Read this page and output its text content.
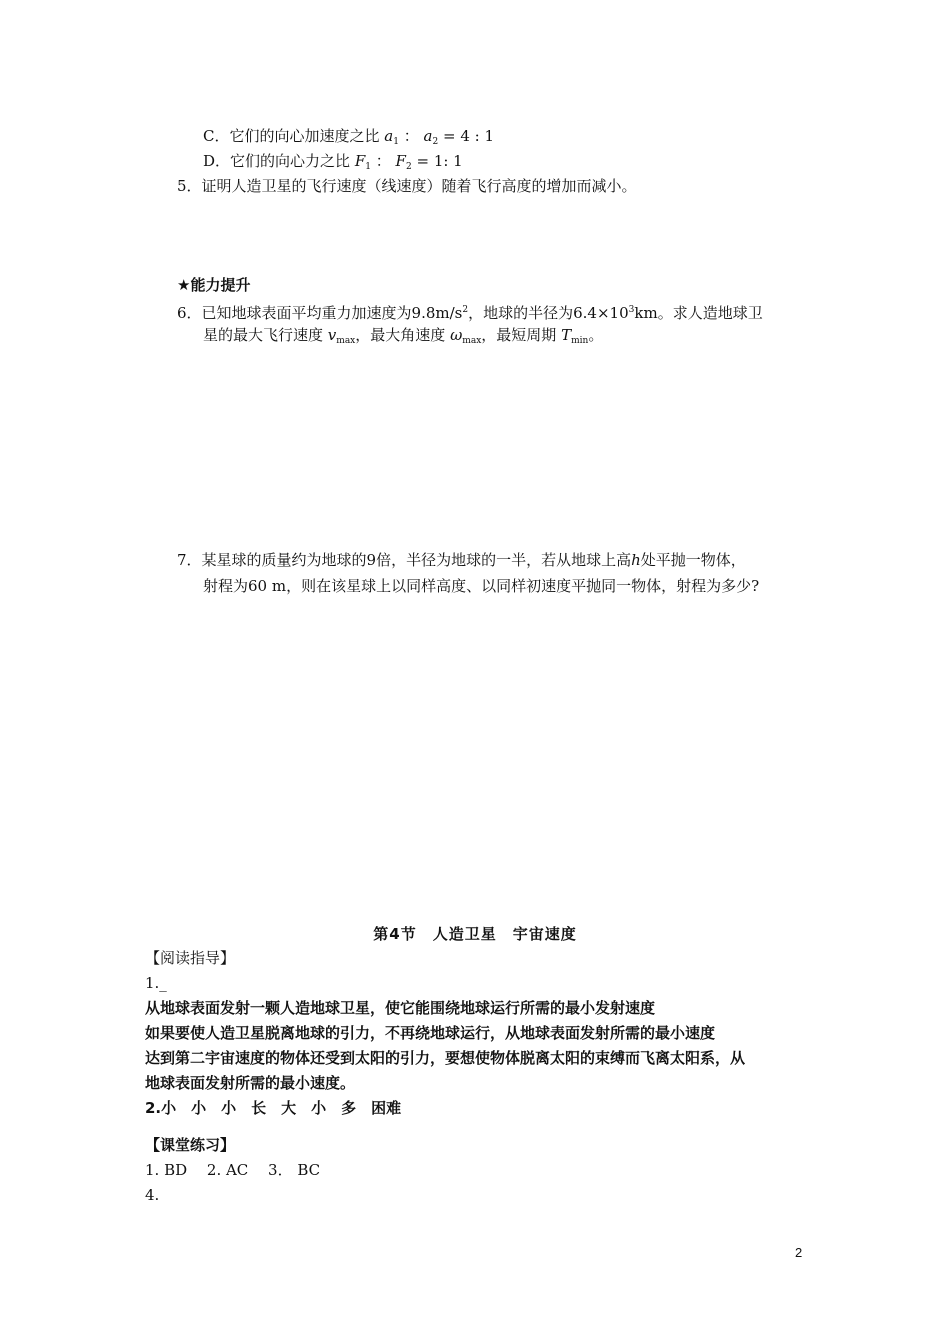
C．它们的向心加速度之比 $a_1$ ： $a_2 = 4$ : 1
D．它们的向心力之比 $F_1$ ： $F_2 = 1$: 1
5．证明人造卫星的飞行速度（线速度）随着飞行高度的增加而减小。
★能力提升
6．已知地球表面平均重力加速度为$9.8m/s^2$，地球的半径为$6.4\times 10^3km$。求人造地球卫
星的最大飞行速度 $v_{max}$，最大角速度 $\omega_{max}$，最短周期 $T_{min}$。
7．某星球的质量约为地球的9倍，半径为地球的一半，若从地球上高h处平抛一物体，
射程为60 m，则在该星球上以同样高度、以同样初速度平抛同一物体，射程为多少?
第4节　人造卫星　宇宙速度
【阅读指导】
1._
从地球表面发射一颗人造地球卫星，使它能围绕地球运行所需的最小发射速度
如果要使人造卫星脱离地球的引力，不再绕地球运行，从地球表面发射所需的最小速度
达到第二宇宙速度的物体还受到太阳的引力，要想使物体脱离太阳的束缚而飞离太阳系，从
地球表面发射所需的最小速度。
2.小　小　小　长　大　小　多　困难
【课堂练习】
1. BD　 2. AC　 3． BC
4.
2
